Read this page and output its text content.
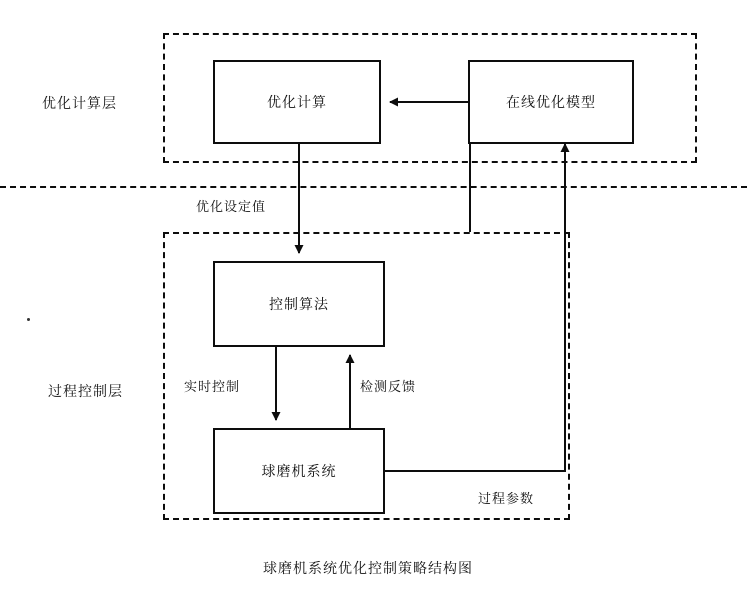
优化计算层
过程控制层
优化计算	在线优化模型
控制算法
球磨机系统
优化设定值
实时控制	检测反馈
过程参数
球磨机系统优化控制策略结构图
